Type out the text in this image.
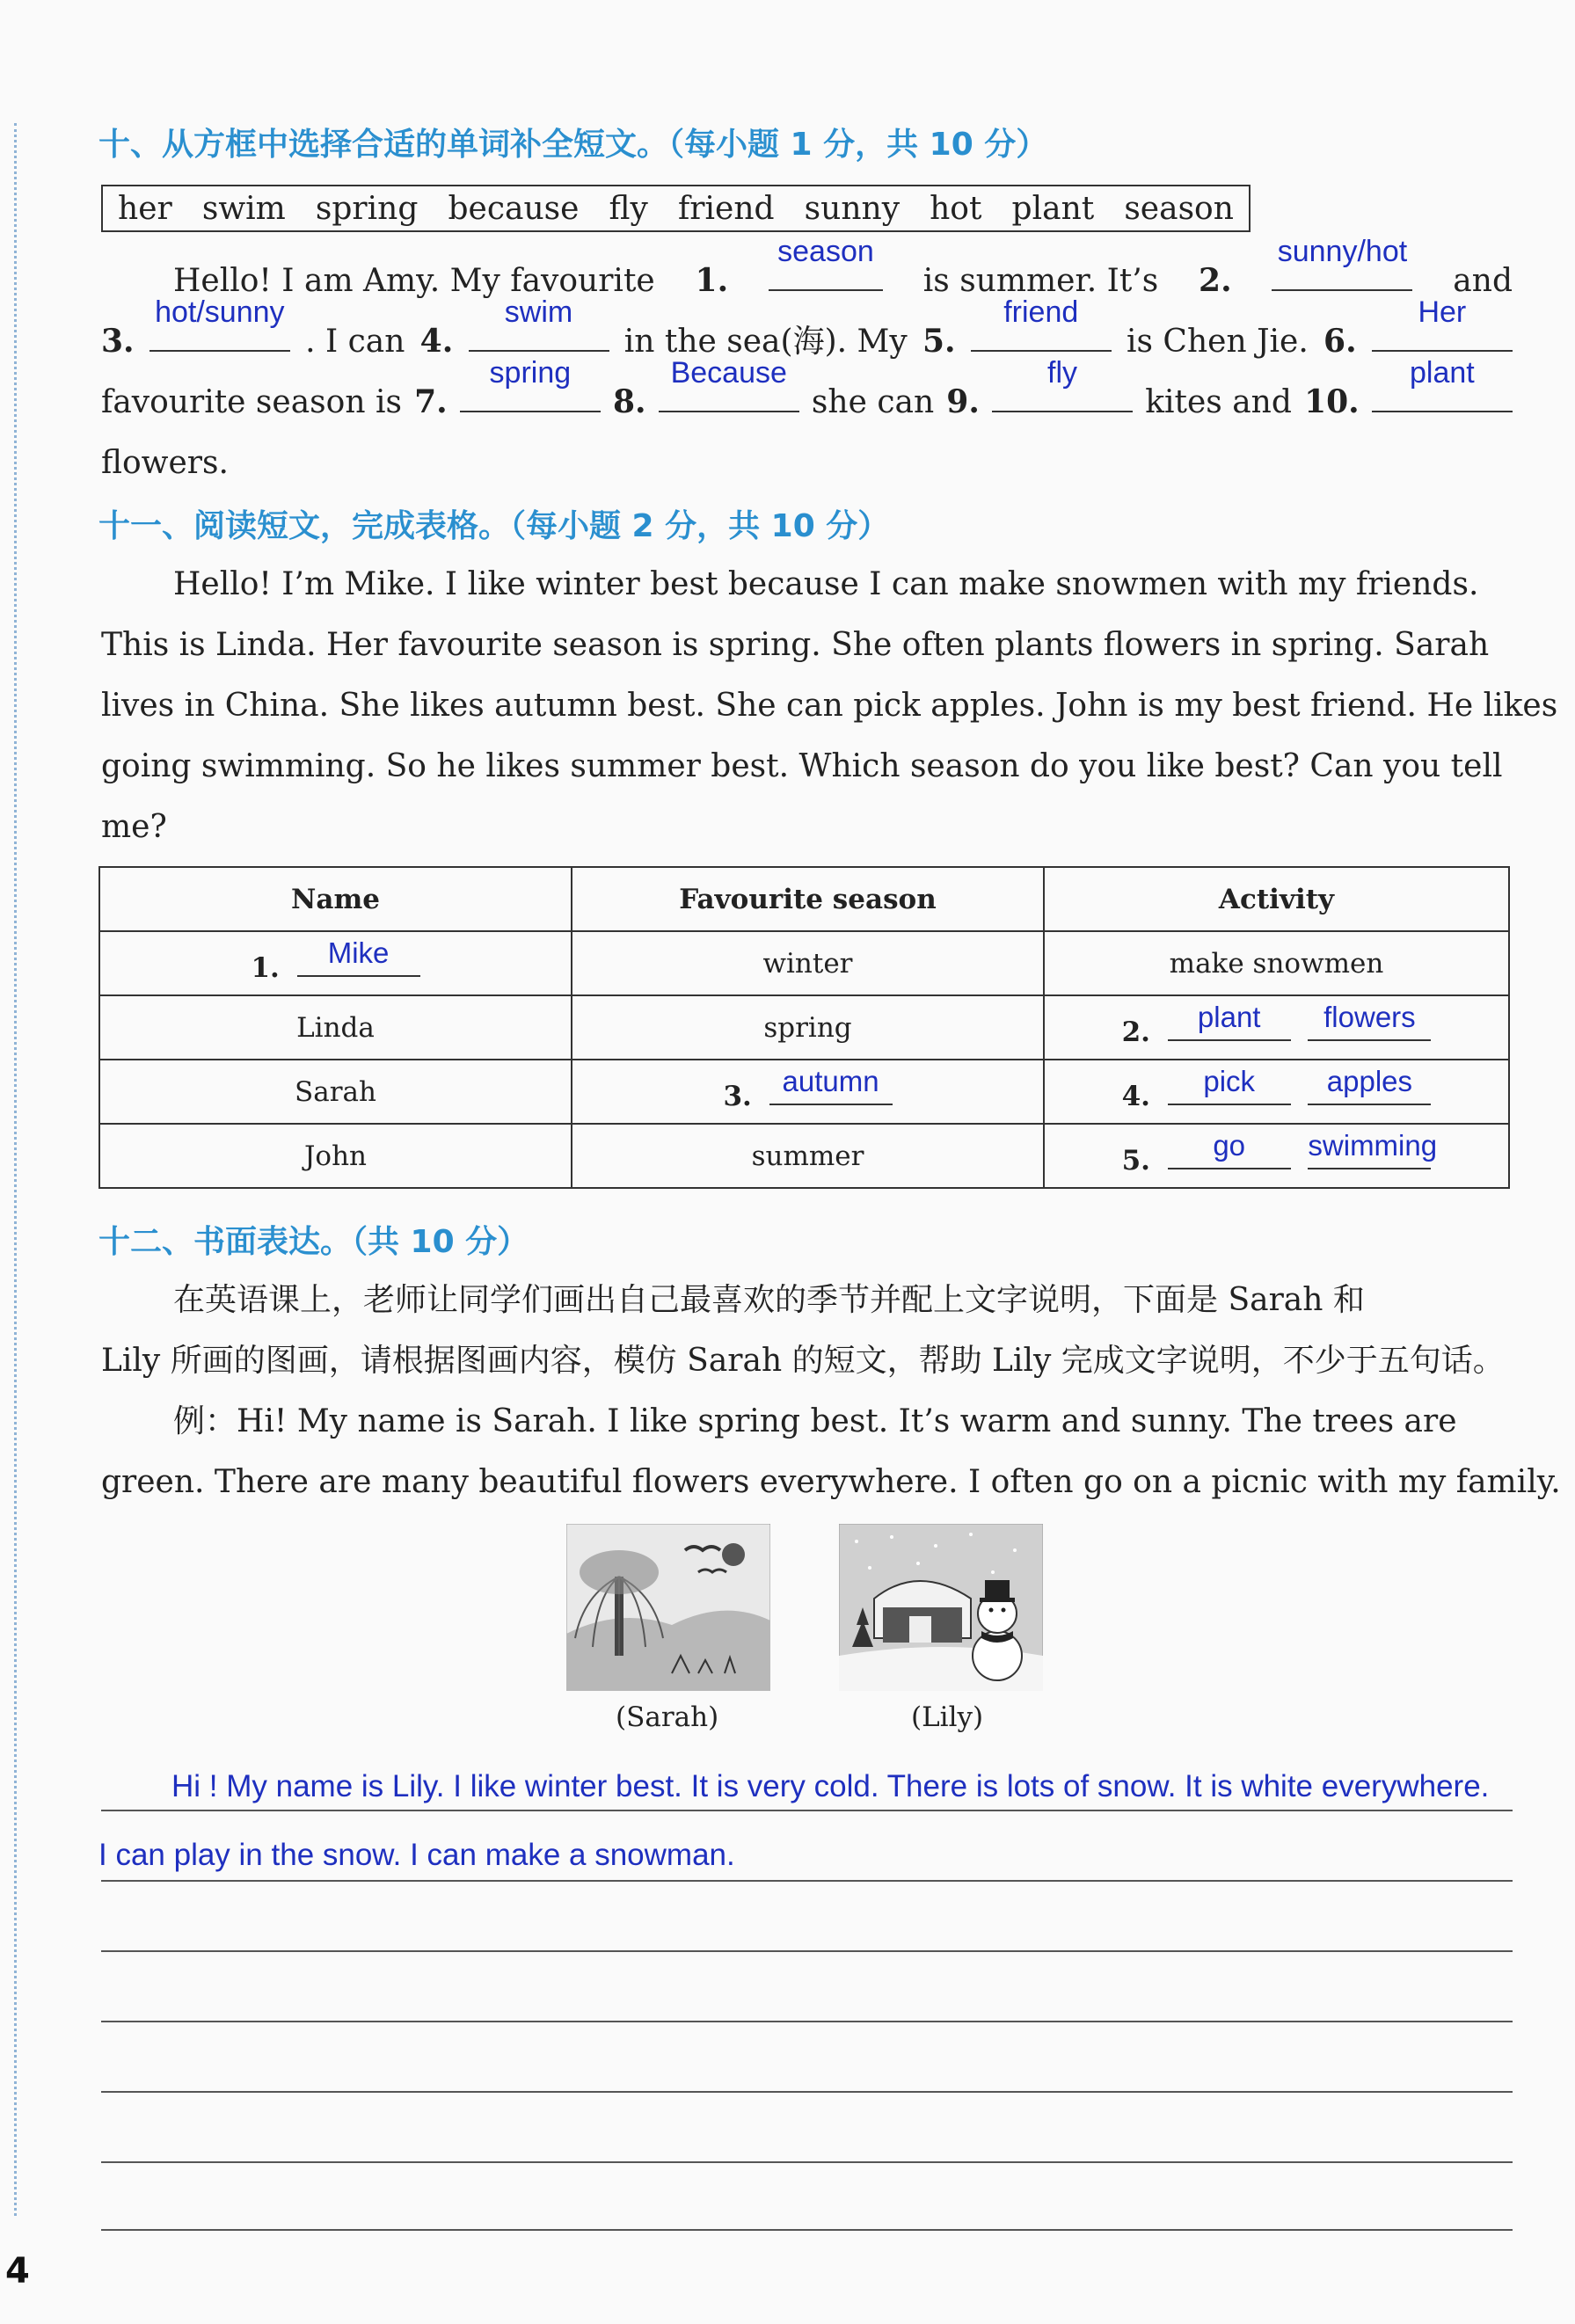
4
十、从方框中选择合适的单词补全短文。（每小题 1 分，共 10 分）
her swim spring because fly friend sunny hot plant season
Hello! I am Amy. My favourite 1.
season
is summer. It’s 2.
sunny/hot
and
3.
hot/sunny
. I can 4.
swim
in the sea(海). My 5.
friend
is Chen Jie. 6.
Her
favourite season is 7.
spring
8.
Because
she can 9.
fly
kites and 10.
plant
flowers.
十一、阅读短文，完成表格。（每小题 2 分，共 10 分）
Hello! I’m Mike. I like winter best because I can make snowmen with my friends.
This is Linda. Her favourite season is spring. She often plants flowers in spring. Sarah
lives in China. She likes autumn best. She can pick apples. John is my best friend. He likes
going swimming. So he likes summer best. Which season do you like best? Can you tell
me?
Name	Favourite season	Activity
1. Mike	winter	make snowmen
Linda	spring	2. plant
flowers

Sarah	3. autumn	4. pick
apples

John	summer	5. go
swimming
十二、书面表达。（共 10 分）
在英语课上，老师让同学们画出自己最喜欢的季节并配上文字说明，下面是 Sarah 和
Lily 所画的图画，请根据图画内容，模仿 Sarah 的短文，帮助 Lily 完成文字说明，不少于五句话。
例：Hi! My name is Sarah. I like spring best. It’s warm and sunny. The trees are
green. There are many beautiful flowers everywhere. I often go on a picnic with my family.
(Sarah)	(Lily)
Hi ! My name is Lily. I like winter best. It is very cold. There is lots of snow. It is white everywhere.
I can play in the snow. I can make a snowman.
